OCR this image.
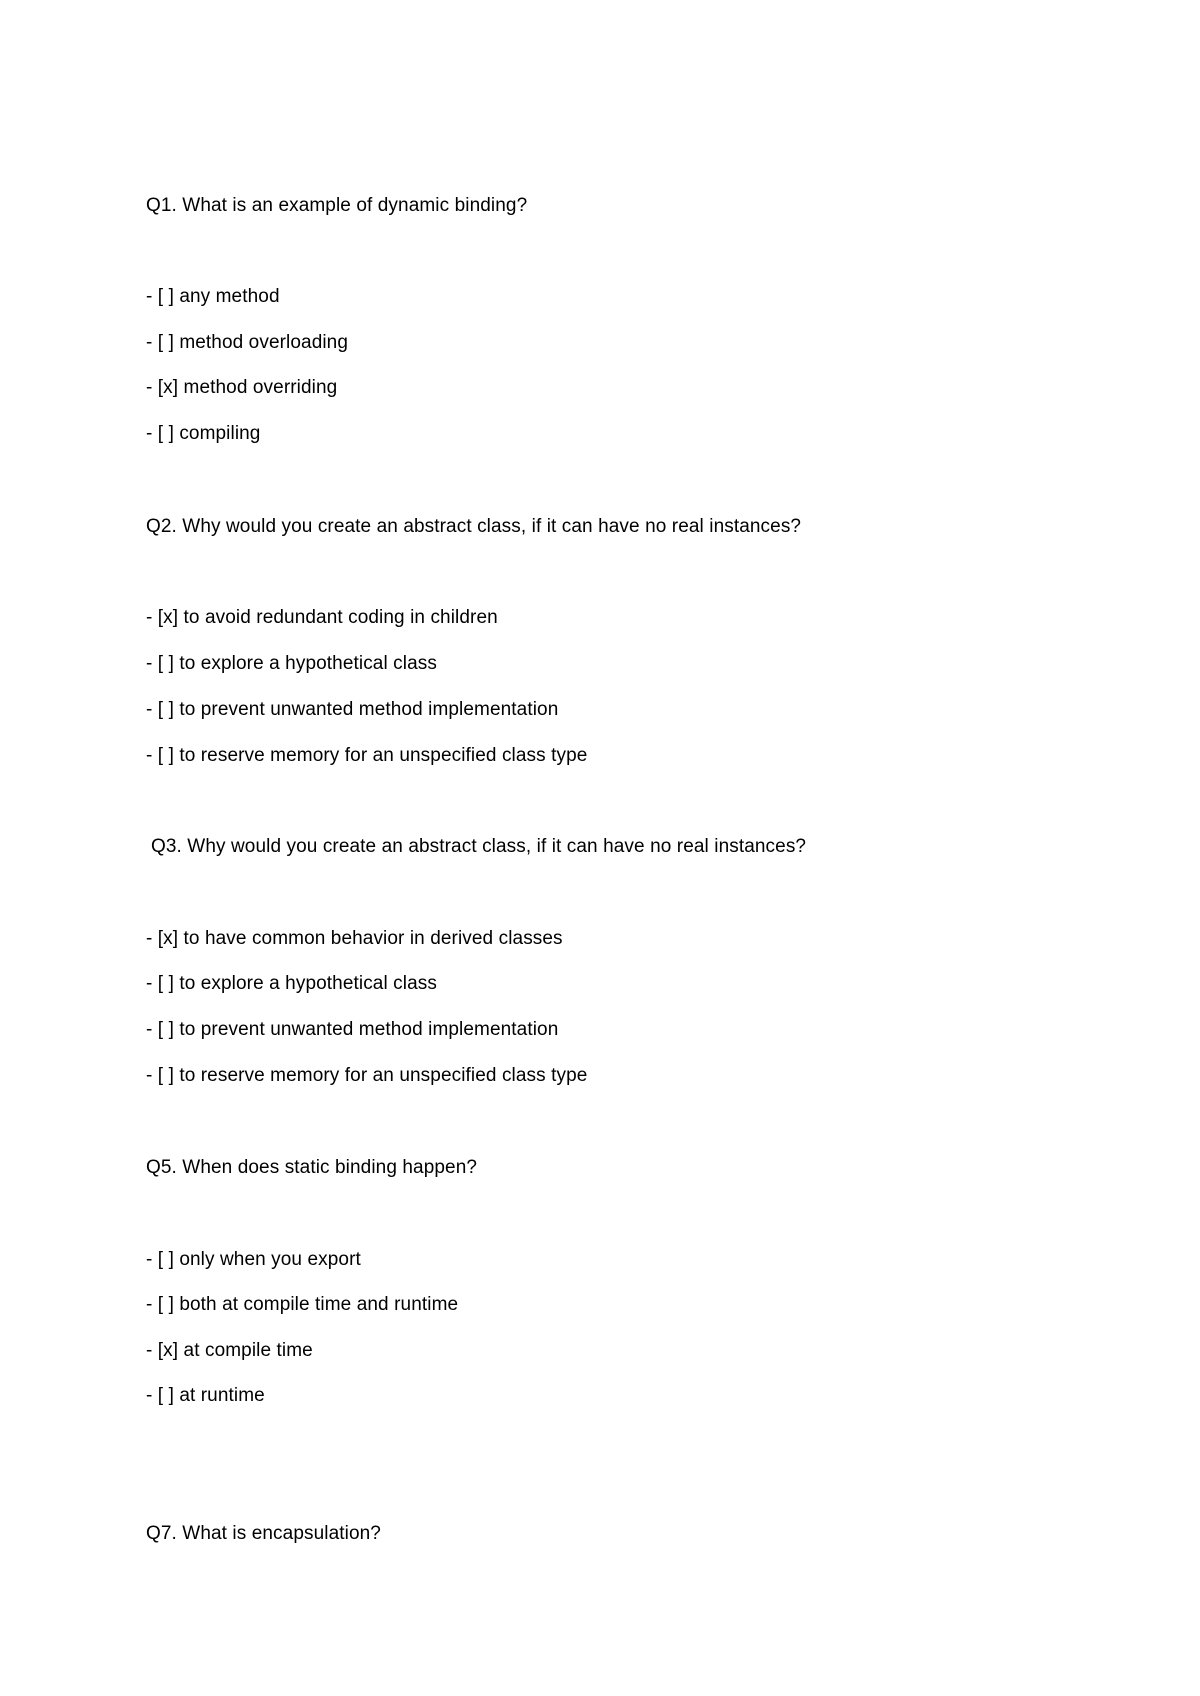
Q1. What is an example of dynamic binding?
- [ ] any method
- [ ] method overloading
- [x] method overriding
- [ ] compiling
Q2. Why would you create an abstract class, if it can have no real instances?
- [x] to avoid redundant coding in children
- [ ] to explore a hypothetical class
- [ ] to prevent unwanted method implementation
- [ ] to reserve memory for an unspecified class type
Q3. Why would you create an abstract class, if it can have no real instances?
- [x] to have common behavior in derived classes
- [ ] to explore a hypothetical class
- [ ] to prevent unwanted method implementation
- [ ] to reserve memory for an unspecified class type
Q5. When does static binding happen?
- [ ] only when you export
- [ ] both at compile time and runtime
- [x] at compile time
- [ ] at runtime
Q7. What is encapsulation?
